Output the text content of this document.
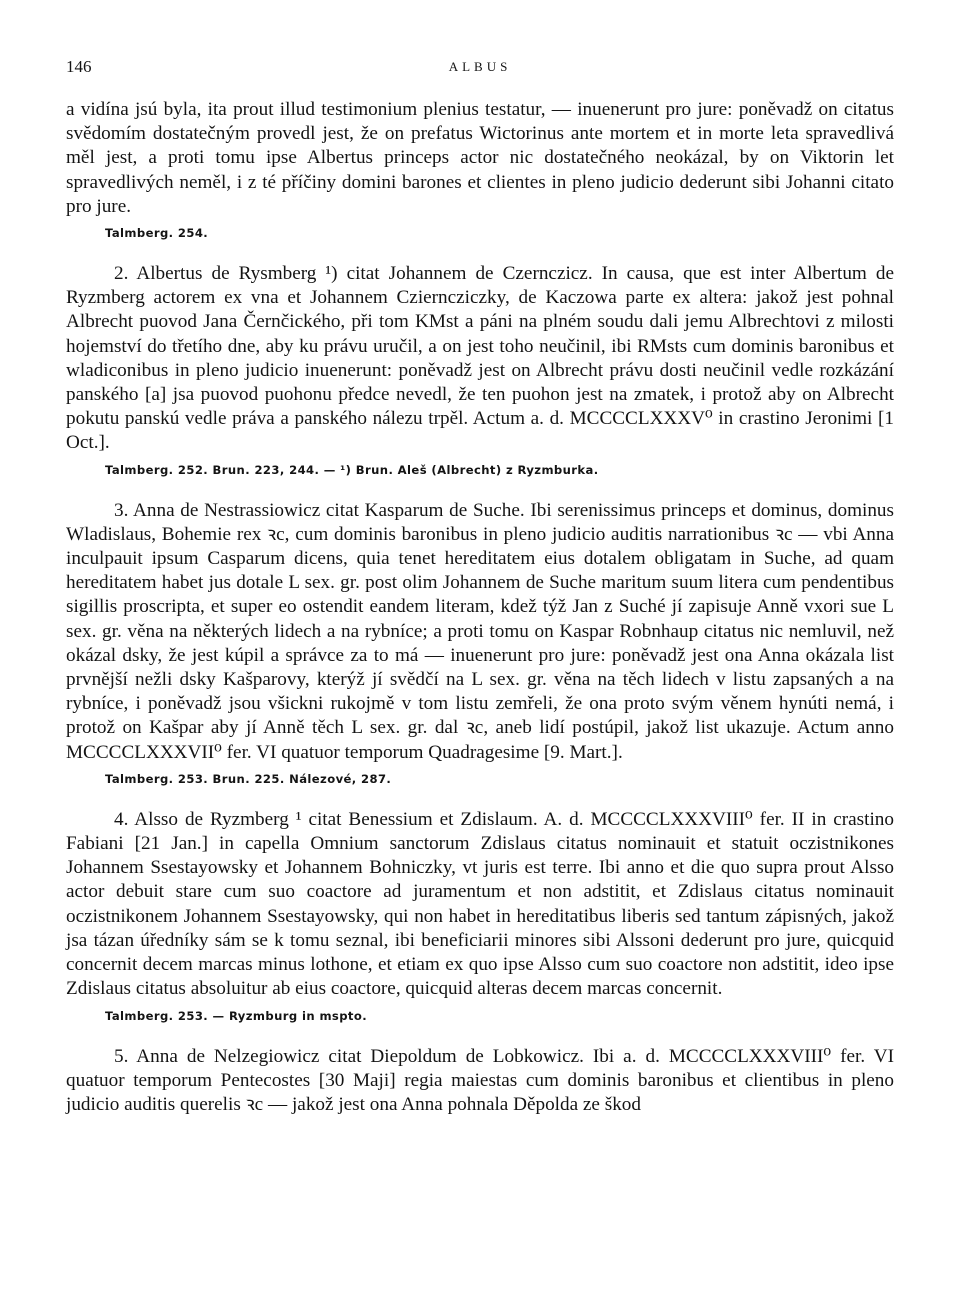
146	ALBUS

a vidína jsú byla, ita prout illud testimonium plenius testatur, — inuenerunt pro jure: poněvadž on citatus svědomím dostatečným provedl jest, že on prefatus Wictorinus ante mortem et in morte leta spravedlivá měl jest, a proti tomu ipse Albertus princeps actor nic dostatečného neokázal, by on Viktorin let spravedlivých neměl, i z té příčiny domini barones et clientes in pleno judicio dederunt sibi Johanni citato pro jure.

Talmberg. 254.

2. Albertus de Rysmberg ¹) citat Johannem de Czernczicz. In causa, que est inter Albertum de Ryzmberg actorem ex vna et Johannem Czierncziczky, de Kaczowa parte ex altera: jakož jest pohnal Albrecht puovod Jana Černčického, při tom KMst a páni na plném soudu dali jemu Albrechtovi z milosti hojemství do třetího dne, aby ku právu uručil, a on jest toho neučinil, ibi RMsts cum dominis baronibus et wladiconibus in pleno judicio inuenerunt: poněvadž jest on Albrecht právu dosti neučinil vedle rozkázání panského [a] jsa puovod puohonu předce nevedl, že ten puohon jest na zmatek, i protož aby on Albrecht pokutu panskú vedle práva a panského nálezu trpěl. Actum a. d. MCCCCLXXXV⁰ in crastino Jeronimi [1 Oct.].

Talmberg. 252. Brun. 223, 244. — ¹) Brun. Aleš (Albrecht) z Ryzmburka.

3. Anna de Nestrassiowicz citat Kasparum de Suche. Ibi serenissimus princeps et dominus, dominus Wladislaus, Bohemie rex ꝛc, cum dominis baronibus in pleno judicio auditis narrationibus ꝛc — vbi Anna inculpauit ipsum Casparum dicens, quia tenet hereditatem eius dotalem obligatam in Suche, ad quam hereditatem habet jus dotale L sex. gr. post olim Johannem de Suche maritum suum litera cum pendentibus sigillis proscripta, et super eo ostendit eandem literam, kdež týž Jan z Suché jí zapisuje Anně vxori sue L sex. gr. věna na některých lidech a na rybníce; a proti tomu on Kaspar Robnhaup citatus nic nemluvil, než okázal dsky, že jest kúpil a správce za to má — inuenerunt pro jure: poněvadž jest ona Anna okázala list prvnější nežli dsky Kašparovy, kterýž jí svědčí na L sex. gr. věna na těch lidech v listu zapsaných a na rybníce, i poněvadž jsou všickni rukojmě v tom listu zemřeli, že ona proto svým věnem hynúti nemá, i protož on Kašpar aby jí Anně těch L sex. gr. dal ꝛc, aneb lidí postúpil, jakož list ukazuje. Actum anno MCCCCLXXXVII⁰ fer. VI quatuor temporum Quadragesime [9. Mart.].

Talmberg. 253. Brun. 225. Nálezové, 287.

4. Alsso de Ryzmberg ¹ citat Benessium et Zdislaum. A. d. MCCCCLXXXVIII⁰ fer. II in crastino Fabiani [21 Jan.] in capella Omnium sanctorum Zdislaus citatus nominauit et statuit oczistnikones Johannem Ssestayowsky et Johannem Bohniczky, vt juris est terre. Ibi anno et die quo supra prout Alsso actor debuit stare cum suo coactore ad juramentum et non adstitit, et Zdislaus citatus nominauit oczistnikonem Johannem Ssestayowsky, qui non habet in hereditatibus liberis sed tantum zápisných, jakož jsa tázan úředníky sám se k tomu seznal, ibi beneficiarii minores sibi Alssoni dederunt pro jure, quicquid concernit decem marcas minus lothone, et etiam ex quo ipse Alsso cum suo coactore non adstitit, ideo ipse Zdislaus citatus absoluitur ab eius coactore, quicquid alteras decem marcas concernit.

Talmberg. 253. — Ryzmburg in mspto.

5. Anna de Nelzegiowicz citat Diepoldum de Lobkowicz. Ibi a. d. MCCCCLXXXVIII⁰ fer. VI quatuor temporum Pentecostes [30 Maji] regia maiestas cum dominis baronibus et clientibus in pleno judicio auditis querelis ꝛc — jakož jest ona Anna pohnala Děpolda ze škod
